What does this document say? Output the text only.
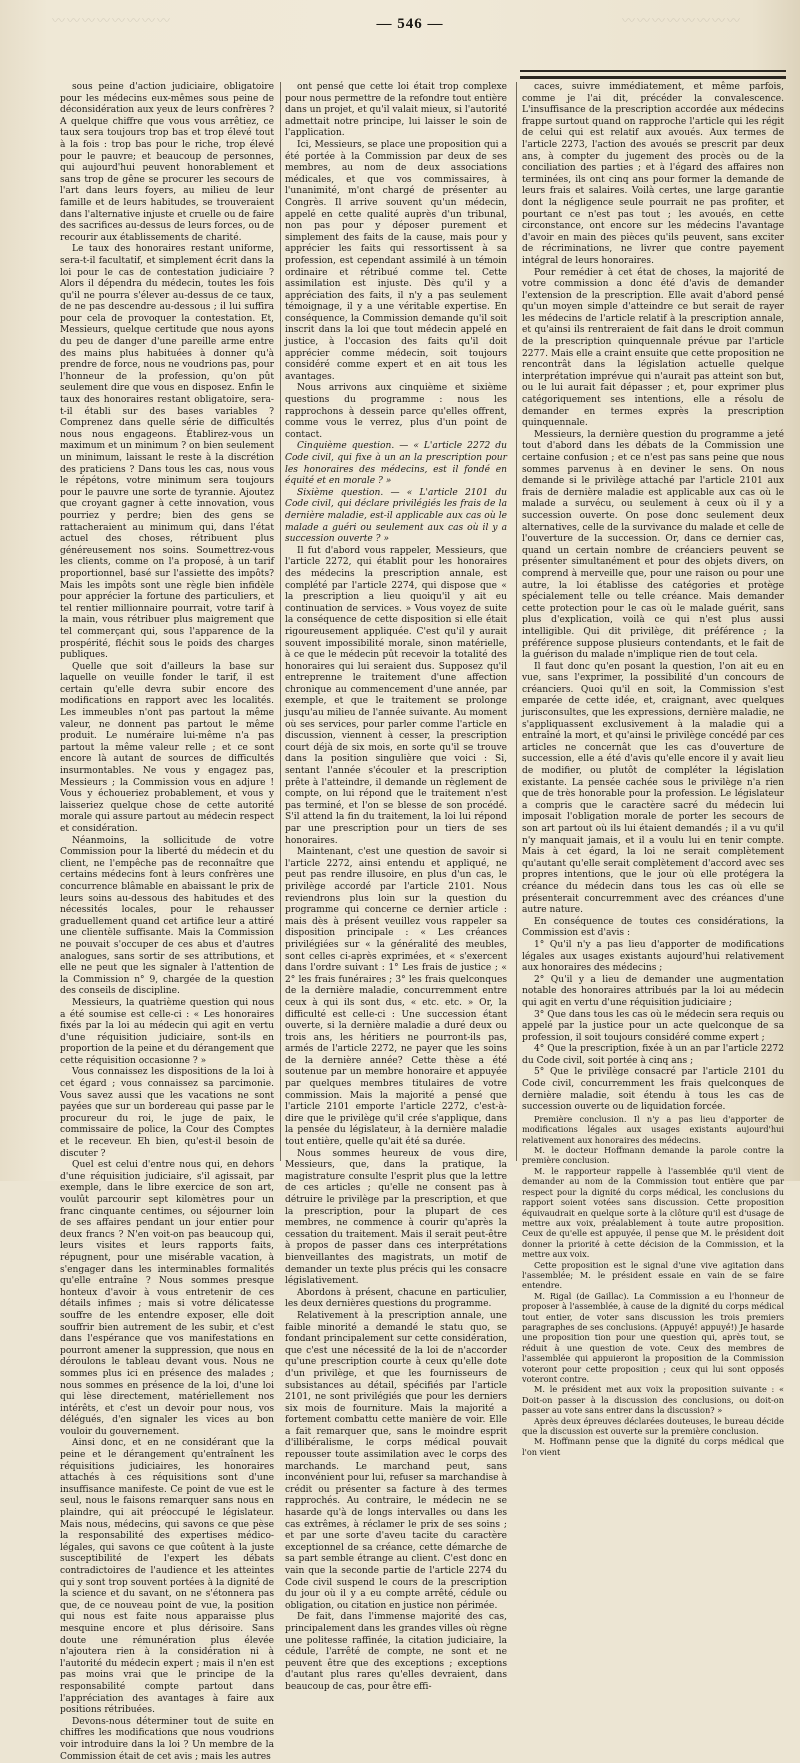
〰〰〰〰〰〰〰〰	— 546 —	〰〰〰〰〰〰〰〰

sous peine d'action judiciaire, obligatoire pour les médecins eux-mêmes sous peine de déconsidération aux yeux de leurs confrères ? A quelque chiffre que vous vous arrêtiez, ce taux sera toujours trop bas et trop élevé tout à la fois : trop bas pour le riche, trop élevé pour le pauvre; et beaucoup de personnes, qui aujourd'hui peuvent honorablement et sans trop de gêne se procurer les secours de l'art dans leurs foyers, au milieu de leur famille et de leurs habitudes, se trouveraient dans l'alternative injuste et cruelle ou de faire des sacrifices au-dessus de leurs forces, ou de recourir aux établissements de charité.

Le taux des honoraires restant uniforme, sera-t-il facultatif, et simplement écrit dans la loi pour le cas de contestation judiciaire ? Alors il dépendra du médecin, toutes les fois qu'il ne pourra s'élever au-dessus de ce taux, de ne pas descendre au-dessous ; il lui suffira pour cela de provoquer la contestation. Et, Messieurs, quelque certitude que nous ayons du peu de danger d'une pareille arme entre des mains plus habituées à donner qu'à prendre de force, nous ne voudrions pas, pour l'honneur de la profession, qu'on pût seulement dire que vous en disposez. Enfin le taux des honoraires restant obligatoire, sera-t-il établi sur des bases variables ? Comprenez dans quelle série de difficultés nous nous engageons. Établirez-vous un maximum et un minimum ? on bien seulement un minimum, laissant le reste à la discrétion des praticiens ? Dans tous les cas, nous vous le répétons, votre minimum sera toujours pour le pauvre une sorte de tyrannie. Ajoutez que croyant gagner à cette innovation, vous pourriez y perdre; bien des gens se rattacheraient au minimum qui, dans l'état actuel des choses, rétribuent plus généreusement nos soins. Soumettrez-vous les clients, comme on l'a proposé, à un tarif proportionnel, basé sur l'assiette des impôts? Mais les impôts sont une règle bien infidèle pour apprécier la fortune des particuliers, et tel rentier millionnaire pourrait, votre tarif à la main, vous rétribuer plus maigrement que tel commerçant qui, sous l'apparence de la prospérité, fléchit sous le poids des charges publiques.

Quelle que soit d'ailleurs la base sur laquelle on veuille fonder le tarif, il est certain qu'elle devra subir encore des modifications en rapport avec les localités. Les immeubles n'ont pas partout la même valeur, ne donnent pas partout le même produit. Le numéraire lui-même n'a pas partout la même valeur relle ; et ce sont encore là autant de sources de difficultés insurmontables. Ne vous y engagez pas, Messieurs ; la Commission vous en adjure ! Vous y échoueriez probablement, et vous y laisseriez quelque chose de cette autorité morale qui assure partout au médecin respect et considération.

Néanmoins, la sollicitude de votre Commission pour la liberté du médecin et du client, ne l'empêche pas de reconnaître que certains médecins font à leurs confrères une concurrence blâmable en abaissant le prix de leurs soins au-dessous des habitudes et des nécessités locales, pour le rehausser graduellement quand cet artifice leur a attiré une clientèle suffisante. Mais la Commission ne pouvait s'occuper de ces abus et d'autres analogues, sans sortir de ses attributions, et elle ne peut que les signaler à l'attention de la Commission n° 9, chargée de la question des conseils de discipline.

Messieurs, la quatrième question qui nous a été soumise est celle-ci : « Les honoraires fixés par la loi au médecin qui agit en vertu d'une réquisition judiciaire, sont-ils en proportion de la peine et du dérangement que cette réquisition occasionne ? »

Vous connaissez les dispositions de la loi à cet égard ; vous connaissez sa parcimonie. Vous savez aussi que les vacations ne sont payées que sur un bordereau qui passe par le procureur du roi, le juge de paix, le commissaire de police, la Cour des Comptes et le receveur. Eh bien, qu'est-il besoin de discuter ?

Quel est celui d'entre nous qui, en dehors d'une réquisition judiciaire, s'il agissait, par exemple, dans le libre exercice de son art, voulût parcourir sept kilomètres pour un franc cinquante centimes, ou séjourner loin de ses affaires pendant un jour entier pour deux francs ? N'en voit-on pas beaucoup qui, leurs visites et leurs rapports faits, répugnent, pour une misérable vacation, à s'engager dans les interminables formalités qu'elle entraîne ? Nous sommes presque honteux d'avoir à vous entretenir de ces détails infimes ; mais si votre délicatesse souffre de les entendre exposer, elle doit souffrir bien autrement de les subir, et c'est dans l'espérance que vos manifestations en pourront amener la suppression, que nous en déroulons le tableau devant vous. Nous ne sommes plus ici en présence des malades ; nous sommes en présence de la loi, d'une loi qui lèse directement, matériellement nos intérêts, et c'est un devoir pour nous, vos délégués, d'en signaler les vices au bon vouloir du gouvernement.

Ainsi donc, et en ne considérant que la peine et le dérangement qu'entraînent les réquisitions judiciaires, les honoraires attachés à ces réquisitions sont d'une insuffisance manifeste. Ce point de vue est le seul, nous le faisons remarquer sans nous en plaindre, qui ait préoccupé le législateur. Mais nous, médecins, qui savons ce que pèse la responsabilité des expertises médico-légales, qui savons ce que coûtent à la juste susceptibilité de l'expert les débats contradictoires de l'audience et les atteintes qui y sont trop souvent portées à la dignité de la science et du savant, on ne s'étonnera pas que, de ce nouveau point de vue, la position qui nous est faite nous apparaisse plus mesquine encore et plus dérisoire. Sans doute une rémunération plus élevée n'ajoutera rien à la considération ni à l'autorité du médecin expert ; mais il n'en est pas moins vrai que le principe de la responsabilité compte partout dans l'appréciation des avantages à faire aux positions rétribuées.

Devons-nous déterminer tout de suite en chiffres les modifications que nous voudrions voir introduire dans la loi ? Un membre de la Commission était de cet avis ; mais les autres

ont pensé que cette loi était trop complexe pour nous permettre de la refondre tout entière dans un projet, et qu'il valait mieux, si l'autorité admettait notre principe, lui laisser le soin de l'application.

Ici, Messieurs, se place une proposition qui a été portée à la Commission par deux de ses membres, au nom de deux associations médicales, et que vos commissaires, à l'unanimité, m'ont chargé de présenter au Congrès. Il arrive souvent qu'un médecin, appelé en cette qualité auprès d'un tribunal, non pas pour y déposer purement et simplement des faits de la cause, mais pour y apprécier les faits qui ressortissent à sa profession, est cependant assimilé à un témoin ordinaire et rétribué comme tel. Cette assimilation est injuste. Dès qu'il y a appréciation des faits, il n'y a pas seulement témoignage, il y a une véritable expertise. En conséquence, la Commission demande qu'il soit inscrit dans la loi que tout médecin appelé en justice, à l'occasion des faits qu'il doit apprécier comme médecin, soit toujours considéré comme expert et en ait tous les avantages.

Nous arrivons aux cinquième et sixième questions du programme : nous les rapprochons à dessein parce qu'elles offrent, comme vous le verrez, plus d'un point de contact.

Cinquième question. — « L'article 2272 du Code civil, qui fixe à un an la prescription pour les honoraires des médecins, est il fondé en équité et en morale ? »

Sixième question. — « L'article 2101 du Code civil, qui déclare privilégiés les frais de la dernière maladie, est-il applicable aux cas où le malade a guéri ou seulement aux cas où il y a succession ouverte ? »

Il fut d'abord vous rappeler, Messieurs, que l'article 2272, qui établit pour les honoraires des médecins la prescription annale, est complété par l'article 2274, qui dispose que « la prescription a lieu quoiqu'il y ait eu continuation de services. » Vous voyez de suite la conséquence de cette disposition si elle était rigoureusement appliquée. C'est qu'il y aurait souvent impossibilité morale, sinon matérielle, à ce que le médecin pût recevoir la totalité des honoraires qui lui seraient dus. Supposez qu'il entreprenne le traitement d'une affection chronique au commencement d'une année, par exemple, et que le traitement se prolonge jusqu'au milieu de l'année suivante. Au moment où ses services, pour parler comme l'article en discussion, viennent à cesser, la prescription court déjà de six mois, en sorte qu'il se trouve dans la position singulière que voici : Si, sentant l'année s'écouler et la prescription prête à l'atteindre, il demande un règlement de compte, on lui répond que le traitement n'est pas terminé, et l'on se blesse de son procédé. S'il attend la fin du traitement, la loi lui répond par une prescription pour un tiers de ses honoraires.

Maintenant, c'est une question de savoir si l'article 2272, ainsi entendu et appliqué, ne peut pas rendre illusoire, en plus d'un cas, le privilège accordé par l'article 2101. Nous reviendrons plus loin sur la question du programme qui concerne ce dernier article : mais dès à présent veuillez vous rappeler sa disposition principale : « Les créances privilégiées sur « la généralité des meubles, sont celles ci-après exprimées, et « s'exercent dans l'ordre suivant : 1° Les frais de justice ; « 2° les frais funéraires ; 3° les frais quelconques de la dernière maladie, concurremment entre ceux à qui ils sont dus, « etc. etc. » Or, la difficulté est celle-ci : Une succession étant ouverte, si la dernière maladie a duré deux ou trois ans, les héritiers ne pourront-ils pas, armés de l'article 2272, ne payer que les soins de la dernière année? Cette thèse a été soutenue par un membre honoraire et appuyée par quelques membres titulaires de votre commission. Mais la majorité a pensé que l'article 2101 emporte l'article 2272, c'est-à-dire que le privilège qu'il crée s'applique, dans la pensée du législateur, à la dernière maladie tout entière, quelle qu'ait été sa durée.

Nous sommes heureux de vous dire, Messieurs, que, dans la pratique, la magistrature consulte l'esprit plus que la lettre de ces articles ; qu'elle ne consent pas à détruire le privilège par la prescription, et que la prescription, pour la plupart de ces membres, ne commence à courir qu'après la cessation du traitement. Mais il serait peut-être à propos de passer dans ces interprétations bienveillantes des magistrats, un motif de demander un texte plus précis qui les consacre législativement.

Abordons à présent, chacune en particulier, les deux dernières questions du programme.

Relativement à la prescription annale, une faible minorité a demandé le statu quo, se fondant principalement sur cette considération, que c'est une nécessité de la loi de n'accorder qu'une prescription courte à ceux qu'elle dote d'un privilège, et que les fournisseurs de subsistances au détail, spécifiés par l'article 2101, ne sont privilégiés que pour les derniers six mois de fourniture. Mais la majorité a fortement combattu cette manière de voir. Elle a fait remarquer que, sans le moindre esprit d'illibéralisme, le corps médical pouvait repousser toute assimilation avec le corps des marchands. Le marchand peut, sans inconvénient pour lui, refuser sa marchandise à crédit ou présenter sa facture à des termes rapprochés. Au contraire, le médecin ne se hasarde qu'à de longs intervalles ou dans les cas extrêmes, à réclamer le prix de ses soins ; et par une sorte d'aveu tacite du caractère exceptionnel de sa créance, cette démarche de sa part semble étrange au client. C'est donc en vain que la seconde partie de l'article 2274 du Code civil suspend le cours de la prescription du jour où il y a eu compte arrêté, cédule ou obligation, ou citation en justice non périmée.

De fait, dans l'immense majorité des cas, principalement dans les grandes villes où règne une politesse raffinée, la citation judiciaire, la cédule, l'arrêté de compte, ne sont et ne peuvent être que des exceptions ; exceptions d'autant plus rares qu'elles devraient, dans beaucoup de cas, pour être effi-

caces, suivre immédiatement, et même parfois, comme je l'ai dit, précéder la convalescence. L'insuffisance de la prescription accordée aux médecins frappe surtout quand on rapproche l'article qui les régit de celui qui est relatif aux avoués. Aux termes de l'article 2273, l'action des avoués se prescrit par deux ans, à compter du jugement des procès ou de la conciliation des parties ; et à l'égard des affaires non terminées, ils ont cinq ans pour former la demande de leurs frais et salaires. Voilà certes, une large garantie dont la négligence seule pourrait ne pas profiter, et pourtant ce n'est pas tout ; les avoués, en cette circonstance, ont encore sur les médecins l'avantage d'avoir en main des pièces qu'ils peuvent, sans exciter de récriminations, ne livrer que contre payement intégral de leurs honoraires.

Pour remédier à cet état de choses, la majorité de votre commission a donc été d'avis de demander l'extension de la prescription. Elle avait d'abord pensé qu'un moyen simple d'atteindre ce but serait de rayer les médecins de l'article relatif à la prescription annale, et qu'ainsi ils rentreraient de fait dans le droit commun de la prescription quinquennale prévue par l'article 2277. Mais elle a craint ensuite que cette proposition ne rencontrât dans la législation actuelle quelque interprétation imprévue qui n'aurait pas atteint son but, ou le lui aurait fait dépasser ; et, pour exprimer plus catégoriquement ses intentions, elle a résolu de demander en termes exprès la prescription quinquennale.

Messieurs, la dernière question du programme a jeté tout d'abord dans les débats de la Commission une certaine confusion ; et ce n'est pas sans peine que nous sommes parvenus à en deviner le sens. On nous demande si le privilège attaché par l'article 2101 aux frais de dernière maladie est applicable aux cas où le malade a survécu, ou seulement à ceux où il y a succession ouverte. On pose donc seulement deux alternatives, celle de la survivance du malade et celle de l'ouverture de la succession. Or, dans ce dernier cas, quand un certain nombre de créanciers peuvent se présenter simultanément et pour des objets divers, on comprend à merveille que, pour une raison ou pour une autre, la loi établisse des catégories et protège spécialement telle ou telle créance. Mais demander cette protection pour le cas où le malade guérit, sans plus d'explication, voilà ce qui n'est plus aussi intelligible. Qui dit privilège, dit préférence ; la préférence suppose plusieurs contendants, et le fait de la guérison du malade n'implique rien de tout cela.

Il faut donc qu'en posant la question, l'on ait eu en vue, sans l'exprimer, la possibilité d'un concours de créanciers. Quoi qu'il en soit, la Commission s'est emparée de cette idée, et, craignant, avec quelques jurisconsultes, que les expressions, dernière maladie, ne s'appliquassent exclusivement à la maladie qui a entraîné la mort, et qu'ainsi le privilège concédé par ces articles ne concernât que les cas d'ouverture de succession, elle a été d'avis qu'elle encore il y avait lieu de modifier, ou plutôt de compléter la législation existante. La pensée cachée sous le privilège n'a rien que de très honorable pour la profession. Le législateur a compris que le caractère sacré du médecin lui imposait l'obligation morale de porter les secours de son art partout où ils lui étaient demandés ; il a vu qu'il n'y manquait jamais, et il a voulu lui en tenir compte. Mais à cet égard, la loi ne serait complètement qu'autant qu'elle serait complètement d'accord avec ses propres intentions, que le jour où elle protégera la créance du médecin dans tous les cas où elle se présenterait concurremment avec des créances d'une autre nature.

En conséquence de toutes ces considérations, la Commission est d'avis :

1° Qu'il n'y a pas lieu d'apporter de modifications légales aux usages existants aujourd'hui relativement aux honoraires des médecins ;

2° Qu'il y a lieu de demander une augmentation notable des honoraires attribués par la loi au médecin qui agit en vertu d'une réquisition judiciaire ;

3° Que dans tous les cas où le médecin sera requis ou appelé par la justice pour un acte quelconque de sa profession, il soit toujours considéré comme expert ;

4° Que la prescription, fixée à un an par l'article 2272 du Code civil, soit portée à cinq ans ;

5° Que le privilège consacré par l'article 2101 du Code civil, concurremment les frais quelconques de dernière maladie, soit étendu à tous les cas de succession ouverte ou de liquidation forcée.

Première conclusion. Il n'y a pas lieu d'apporter de modifications légales aux usages existants aujourd'hui relativement aux honoraires des médecins.

M. le docteur Hoffmann demande la parole contre la première conclusion.

M. le rapporteur rappelle à l'assemblée qu'il vient de demander au nom de la Commission tout entière que par respect pour la dignité du corps médical, les conclusions du rapport soient votées sans discussion. Cette proposition équivaudrait en quelque sorte à la clôture qu'il est d'usage de mettre aux voix, préalablement à toute autre proposition. Ceux de qu'elle est appuyée, il pense que M. le président doit donner la priorité à cette décision de la Commission, et la mettre aux voix.

Cette proposition est le signal d'une vive agitation dans l'assemblée; M. le président essaie en vain de se faire entendre.

M. Rigal (de Gaillac). La Commission a eu l'honneur de proposer à l'assemblée, à cause de la dignité du corps médical tout entier, de voter sans discussion les trois premiers paragraphes de ses conclusions. (Appuyé! appuyé!) Je hasarde une proposition tion pour une question qui, après tout, se réduit à une question de vote. Ceux des membres de l'assemblée qui appuieront la proposition de la Commission voteront pour cette proposition ; ceux qui lui sont opposés voteront contre.

M. le président met aux voix la proposition suivante : « Doit-on passer à la discussion des conclusions, ou doit-on passer au vote sans entrer dans la discussion? »

Après deux épreuves déclarées douteuses, le bureau décide que la discussion est ouverte sur la première conclusion.

M. Hoffmann pense que la dignité du corps médical que l'on vient
